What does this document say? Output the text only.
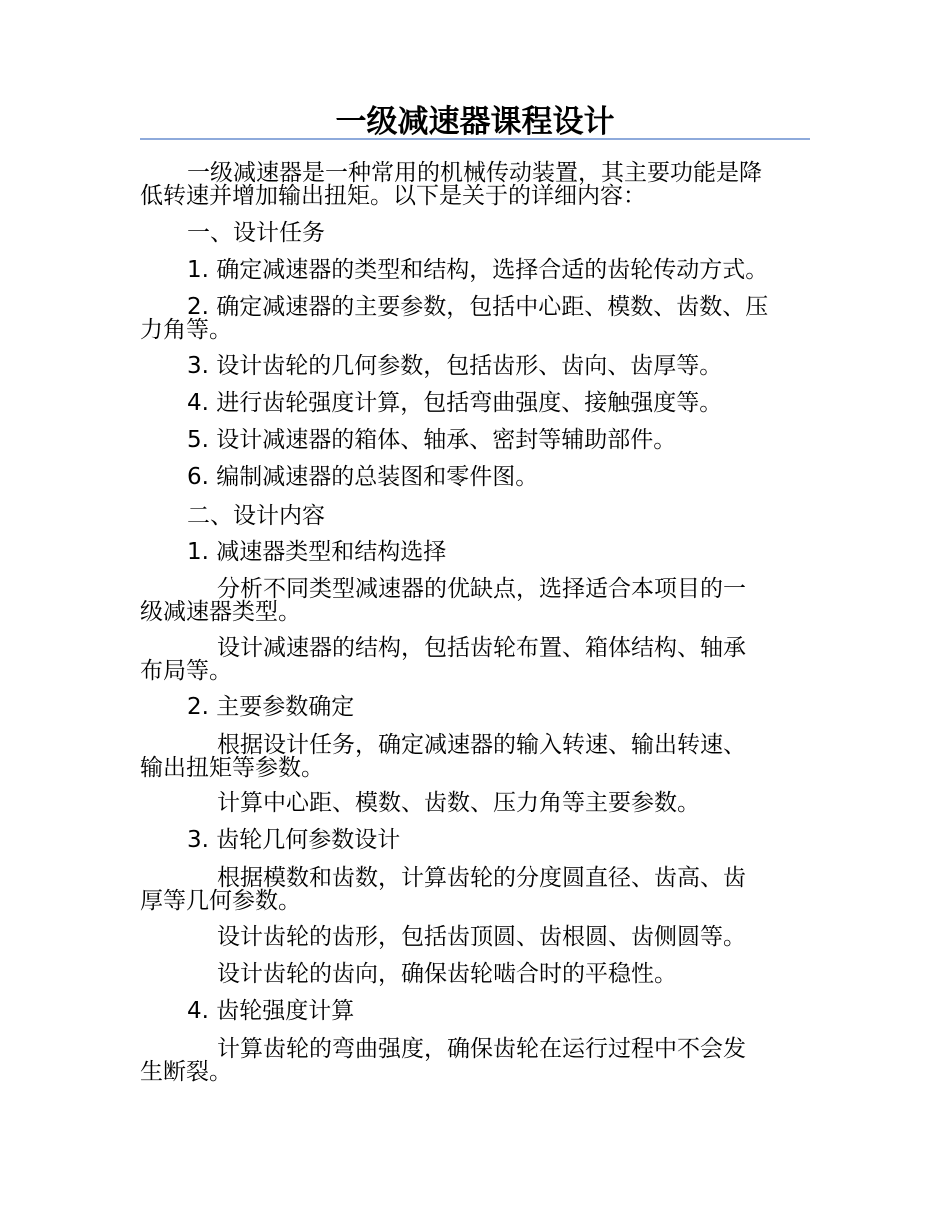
一级减速器课程设计

一级减速器是一种常用的机械传动装置，其主要功能是降
低转速并增加输出扭矩。以下是关于的详细内容：

一、设计任务

1. 确定减速器的类型和结构，选择合适的齿轮传动方式。

2. 确定减速器的主要参数，包括中心距、模数、齿数、压
力角等。

3. 设计齿轮的几何参数，包括齿形、齿向、齿厚等。

4. 进行齿轮强度计算，包括弯曲强度、接触强度等。

5. 设计减速器的箱体、轴承、密封等辅助部件。

6. 编制减速器的总装图和零件图。

二、设计内容

1. 减速器类型和结构选择

分析不同类型减速器的优缺点，选择适合本项目的一
级减速器类型。

设计减速器的结构，包括齿轮布置、箱体结构、轴承
布局等。

2. 主要参数确定

根据设计任务，确定减速器的输入转速、输出转速、
输出扭矩等参数。

计算中心距、模数、齿数、压力角等主要参数。

3. 齿轮几何参数设计

根据模数和齿数，计算齿轮的分度圆直径、齿高、齿
厚等几何参数。

设计齿轮的齿形，包括齿顶圆、齿根圆、齿侧圆等。

设计齿轮的齿向，确保齿轮啮合时的平稳性。

4. 齿轮强度计算

计算齿轮的弯曲强度，确保齿轮在运行过程中不会发
生断裂。
